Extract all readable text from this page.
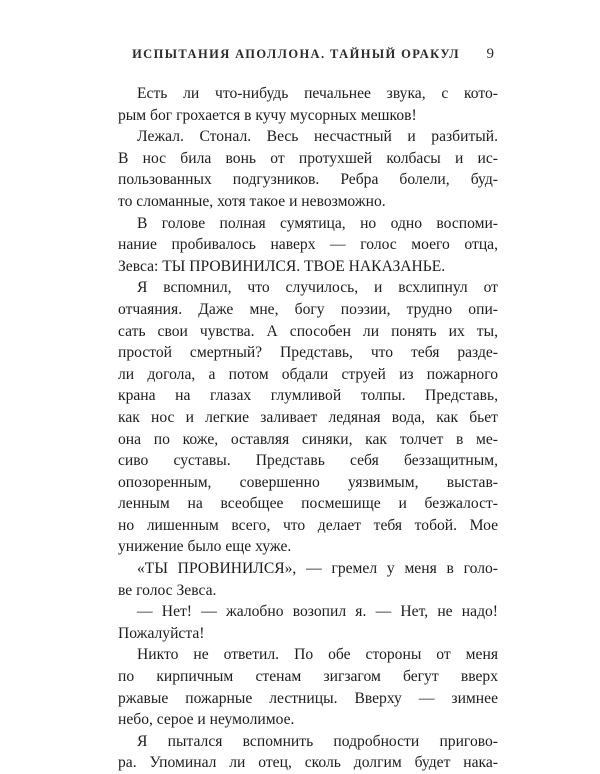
ИСПЫТАНИЯ АПОЛЛОНА. ТАЙНЫЙ ОРАКУЛ 9

Есть ли что-нибудь печальнее звука, с кото-
рым бог грохается в кучу мусорных мешков!

Лежал. Стонал. Весь несчастный и разбитый.
В нос била вонь от протухшей колбасы и ис-
пользованных подгузников. Ребра болели, буд-
то сломанные, хотя такое и невозможно.

В голове полная сумятица, но одно воспоми-
нание пробивалось наверх — голос моего отца,
Зевса: ТЫ ПРОВИНИЛСЯ. ТВОЕ НАКАЗАНЬЕ.

Я вспомнил, что случилось, и всхлипнул от
отчаяния. Даже мне, богу поэзии, трудно опи-
сать свои чувства. А способен ли понять их ты,
простой смертный? Представь, что тебя разде-
ли догола, а потом обдали струей из пожарного
крана на глазах глумливой толпы. Представь,
как нос и легкие заливает ледяная вода, как бьет
она по коже, оставляя синяки, как толчет в ме-
сиво суставы. Представь себя беззащитным,
опозоренным, совершенно уязвимым, выстав-
ленным на всеобщее посмешище и безжалост-
но лишенным всего, что делает тебя тобой. Мое
унижение было еще хуже.

«ТЫ ПРОВИНИЛСЯ», — гремел у меня в голо-
ве голос Зевса.

— Нет! — жалобно возопил я. — Нет, не надо!
Пожалуйста!

Никто не ответил. По обе стороны от меня
по кирпичным стенам зигзагом бегут вверх
ржавые пожарные лестницы. Вверху — зимнее
небо, серое и неумолимое.

Я пытался вспомнить подробности пригово-
ра. Упоминал ли отец, сколь долгим будет нака-
